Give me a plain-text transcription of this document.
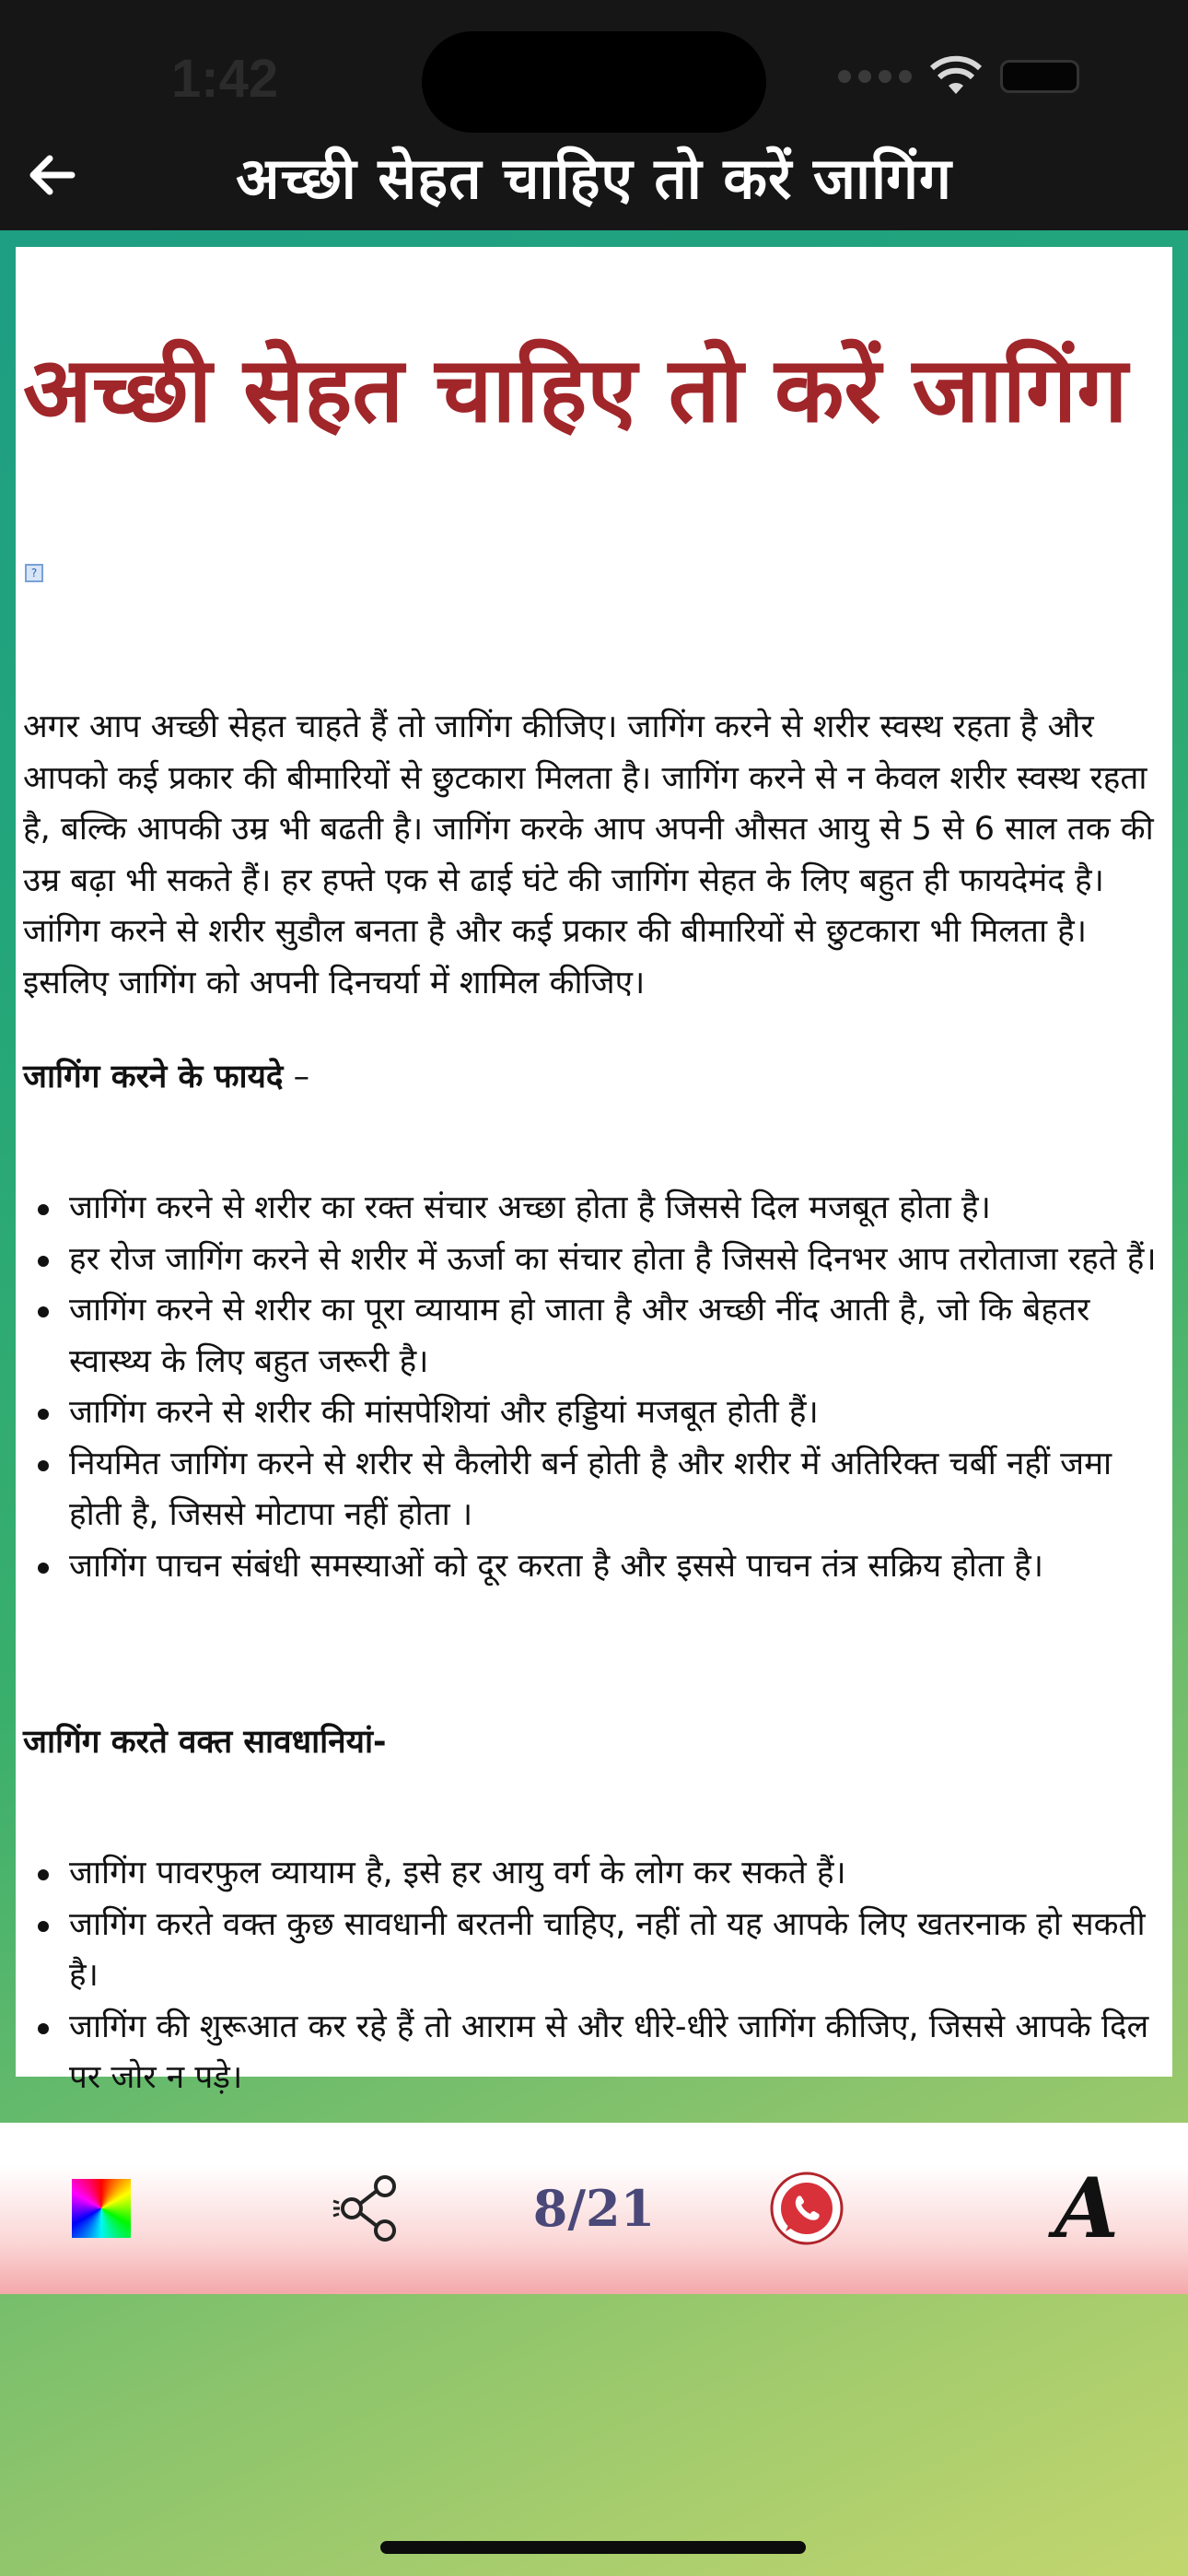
1:42
अच्छी सेहत चाहिए तो करें जागिंग
अच्छी सेहत चाहिए तो करें जागिंग
?
अगर आप अच्छी सेहत चाहते हैं तो जागिंग कीजिए। जागिंग करने से शरीर स्वस्थ रहता है और आपको कई प्रकार की बीमारियों से छुटकारा मिलता है। जागिंग करने से न केवल शरीर स्वस्थ रहता है, बल्कि आपकी उम्र भी बढती है। जागिंग करके आप अपनी औसत आयु से 5 से 6 साल तक की उम्र बढ़ा भी सकते हैं। हर हफ्ते एक से ढाई घंटे की जागिंग सेहत के लिए बहुत ही फायदेमंद है। जांगिग करने से शरीर सुडौल बनता है और कई प्रकार की बीमारियों से छुटकारा भी मिलता है। इसलिए जागिंग को अपनी दिनचर्या में शामिल कीजिए।
जागिंग करने के फायदे –
जागिंग करने से शरीर का रक्त संचार अच्छा होता है जिससे दिल मजबूत होता है।
हर रोज जागिंग करने से शरीर में ऊर्जा का संचार होता है जिससे दिनभर आप तरोताजा रहते हैं।
जागिंग करने से शरीर का पूरा व्यायाम हो जाता है और अच्छी नींद आती है, जो कि बेहतर स्वास्थ्य के लिए बहुत जरूरी है।
जागिंग करने से शरीर की मांसपेशियां और हड्डियां मजबूत होती हैं।
नियमित जागिंग करने से शरीर से कैलोरी बर्न होती है और शरीर में अतिरिक्त चर्बी नहीं जमा होती है, जिससे मोटापा नहीं होता ।
जागिंग पाचन संबंधी समस्याओं को दूर करता है और इससे पाचन तंत्र सक्रिय होता है।
जागिंग करते वक्त सावधानियां-
जागिंग पावरफुल व्यायाम है, इसे हर आयु वर्ग के लोग कर सकते हैं।
जागिंग करते वक्त कुछ सावधानी बरतनी चाहिए, नहीं तो यह आपके लिए खतरनाक हो सकती है।
जागिंग की शुरूआत कर रहे हैं तो आराम से और धीरे-धीरे जागिंग कीजिए, जिससे आपके दिल पर जोर न पड़े।
8/21	A
